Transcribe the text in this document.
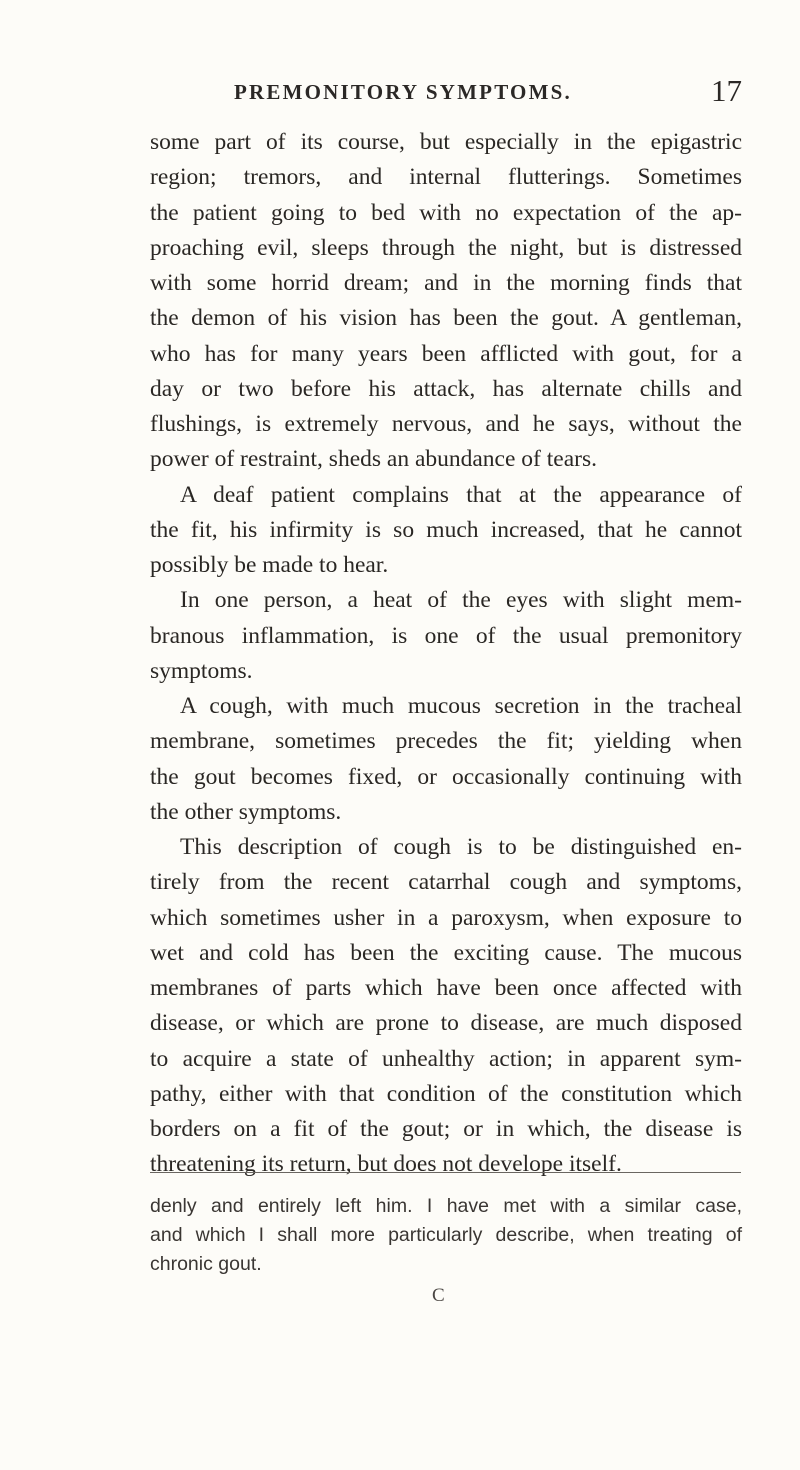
PREMONITORY SYMPTOMS.	17
some part of its course, but especially in the epigastric
region; tremors, and internal flutterings. Sometimes
the patient going to bed with no expectation of the ap-
proaching evil, sleeps through the night, but is distressed
with some horrid dream; and in the morning finds that
the demon of his vision has been the gout. A gentleman,
who has for many years been afflicted with gout, for a
day or two before his attack, has alternate chills and
flushings, is extremely nervous, and he says, without the
power of restraint, sheds an abundance of tears.
A deaf patient complains that at the appearance of
the fit, his infirmity is so much increased, that he cannot
possibly be made to hear.
In one person, a heat of the eyes with slight mem-
branous inflammation, is one of the usual premonitory
symptoms.
A cough, with much mucous secretion in the tracheal
membrane, sometimes precedes the fit; yielding when
the gout becomes fixed, or occasionally continuing with
the other symptoms.
This description of cough is to be distinguished en-
tirely from the recent catarrhal cough and symptoms,
which sometimes usher in a paroxysm, when exposure to
wet and cold has been the exciting cause. The mucous
membranes of parts which have been once affected with
disease, or which are prone to disease, are much disposed
to acquire a state of unhealthy action; in apparent sym-
pathy, either with that condition of the constitution which
borders on a fit of the gout; or in which, the disease is
threatening its return, but does not develope itself.
denly and entirely left him. I have met with a similar case,
and which I shall more particularly describe, when treating of
chronic gout.
C
